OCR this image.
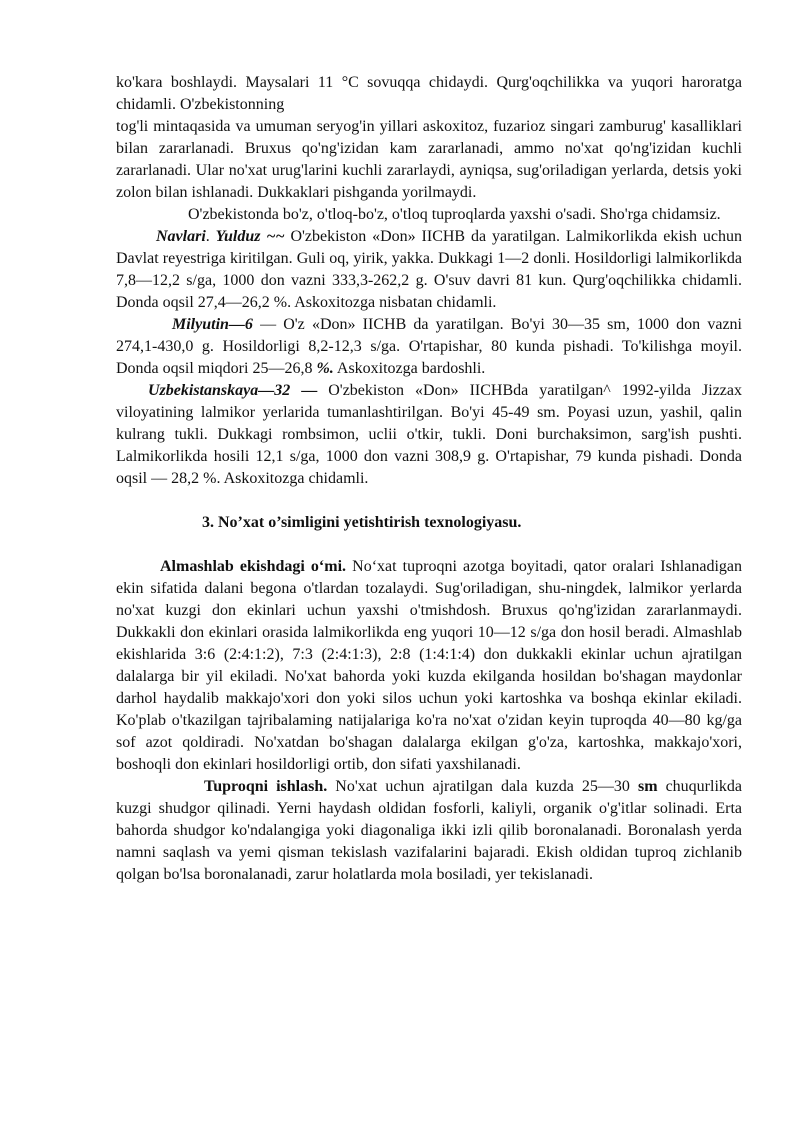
ko'kara boshlaydi. Maysalari 11 °C sovuqqa chidaydi. Qurg'oqchilikka va yuqori haroratga chidamli. O'zbekistonning

tog'li mintaqasida va umuman seryog'in yillari askoxitoz, fuzarioz singari zamburug' kasalliklari bilan zararlanadi. Bruxus qo'ng'izidan kam zararlanadi, ammo no'xat qo'ng'izidan kuchli zararlanadi. Ular no'xat urug'larini kuchli zararlaydi, ayniqsa, sug'oriladigan yerlarda, detsis yoki zolon bilan ishlanadi. Dukkaklari pishganda yorilmaydi.

O'zbekistonda bo'z, o'tloq-bo'z, o'tloq tuproqlarda yaxshi o'sadi. Sho'rga chidamsiz.

Navlari. Yulduz ~~ O'zbekiston «Don» IICHB da yaratilgan. Lalmikorlikda ekish uchun Davlat reyestriga kiritilgan. Guli oq, yirik, yakka. Dukkagi 1—2 donli. Hosildorligi lalmikorlikda 7,8—12,2 s/ga, 1000 don vazni 333,3-262,2 g. O'suv davri 81 kun. Qurg'oqchilikka chidamli. Donda oqsil 27,4—26,2 %. Askoxitozga nisbatan chidamli.

Milyutin—6 — O'z «Don» IICHB da yaratilgan. Bo'yi 30—35 sm, 1000 don vazni 274,1-430,0 g. Hosildorligi 8,2-12,3 s/ga. O'rtapishar, 80 kunda pishadi. To'kilishga moyil. Donda oqsil miqdori 25—26,8 %. Askoxitozga bardoshli.

Uzbekistanskaya—32 — O'zbekiston «Don» IICHBda yaratilgan^ 1992-yilda Jizzax viloyatining lalmikor yerlarida tumanlashtirilgan. Bo'yi 45-49 sm. Poyasi uzun, yashil, qalin kulrang tukli. Dukkagi rombsimon, uclii o'tkir, tukli. Doni burchaksimon, sarg'ish pushti. Lalmikorlikda hosili 12,1 s/ga, 1000 don vazni 308,9 g. O'rtapishar, 79 kunda pishadi. Donda oqsil — 28,2 %. Askoxitozga chidamli.

3. No’xat o’simligini yetishtirish texnologiyasu.

Almashlab ekishdagi o‘mi. No‘xat tuproqni azotga boyitadi, qator oralari Ishlanadigan ekin sifatida dalani begona o'tlardan tozalaydi. Sug'oriladigan, shu-ningdek, lalmikor yerlarda no'xat kuzgi don ekinlari uchun yaxshi o'tmishdosh. Bruxus qo'ng'izidan zararlanmaydi. Dukkakli don ekinlari orasida lalmikorlikda eng yuqori 10—12 s/ga don hosil beradi. Almashlab ekishlarida 3:6 (2:4:1:2), 7:3 (2:4:1:3), 2:8 (1:4:1:4) don dukkakli ekinlar uchun ajratilgan dalalarga bir yil ekiladi. No'xat bahorda yoki kuzda ekilganda hosildan bo'shagan maydonlar darhol haydalib makkajo'xori don yoki silos uchun yoki kartoshka va boshqa ekinlar ekiladi. Ko'plab o'tkazilgan tajribalaming natijalariga ko'ra no'xat o'zidan keyin tuproqda 40—80 kg/ga sof azot qoldiradi. No'xatdan bo'shagan dalalarga ekilgan g'o'za, kartoshka, makkajo'xori, boshoqli don ekinlari hosildorligi ortib, don sifati yaxshilanadi.

Tuproqni ishlash. No'xat uchun ajratilgan dala kuzda 25—30 sm chuqurlikda kuzgi shudgor qilinadi. Yerni haydash oldidan fosforli, kaliyli, organik o'g'itlar solinadi. Erta bahorda shudgor ko'ndalangiga yoki diagonaliga ikki izli qilib boronalanadi. Boronalash yerda namni saqlash va yemi qisman tekislash vazifalarini bajaradi. Ekish oldidan tuproq zichlanib qolgan bo'lsa boronalanadi, zarur holatlarda mola bosiladi, yer tekislanadi.
